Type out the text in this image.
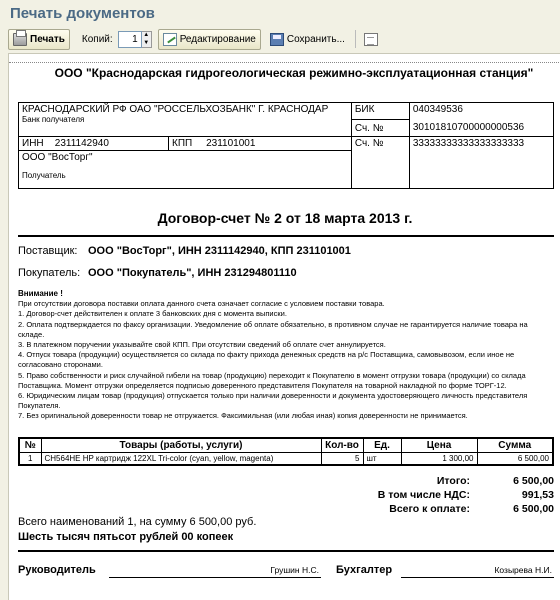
Печать документов
Печать Копий:	1 ▲
▼	Редактирование	Сохранить...
ООО "Краснодарская гидрогеологическая режимно-эксплуатационная станция"
КРАСНОДАРСКИЙ РФ ОАО "РОССЕЛЬХОЗБАНК" Г. КРАСНОДАР
Банк получателя		БИК	040349536
		Сч. №	30101810700000000536
ИНН 2311142940	КПП 231101001	Сч. №	33333333333333333333

ООО "ВосТорг"
Получатель			
Договор-счет № 2 от 18 марта 2013 г.
Поставщик: ООО "ВосТорг", ИНН 2311142940, КПП 231101001
Покупатель: ООО "Покупатель", ИНН 231294801110
Внимание !
При отсутствии договора поставки оплата данного счета означает согласие с условием поставки товара.
1. Договор-счет действителен к оплате 3 банковских дня с момента выписки.
2. Оплата подтверждается по факсу организации. Уведомление об оплате обязательно, в противном случае не гарантируется наличие товара на складе.
3. В платежном поручении указывайте свой КПП. При отсутствии сведений об оплате счет аннулируется.
4. Отпуск товара (продукции) осуществляется со склада по факту прихода денежных средств на р/с Поставщика, самовывозом, если иное не согласовано сторонами.
5. Право собственности и риск случайной гибели на товар (продукцию) переходит к Покупателю в момент отгрузки товара (продукции) со склада Поставщика. Момент отгрузки определяется подписью доверенного представителя Покупателя на товарной накладной по форме ТОРГ-12.
6. Юридическим лицам товар (продукция) отпускается только при наличии доверенности и документа удостоверяющего личность представителя Покупателя.
7. Без оригинальной доверенности товар не отгружается. Факсимильная (или любая иная) копия доверенности не принимается.
№	Товары (работы, услуги)	Кол-во	Ед.	Цена	Сумма
1	CH564HE HP картридж 122XL Tri-color (cyan, yellow, magenta)	5	шт	1 300,00	6 500,00
Итого:	6 500,00
В том числе НДС:	991,53
Всего к оплате:	6 500,00
Всего наименований 1, на сумму 6 500,00 руб.
Шесть тысяч пятьсот рублей 00 копеек
Руководитель	Грушин Н.С. Бухгалтер	Козырева Н.И.
